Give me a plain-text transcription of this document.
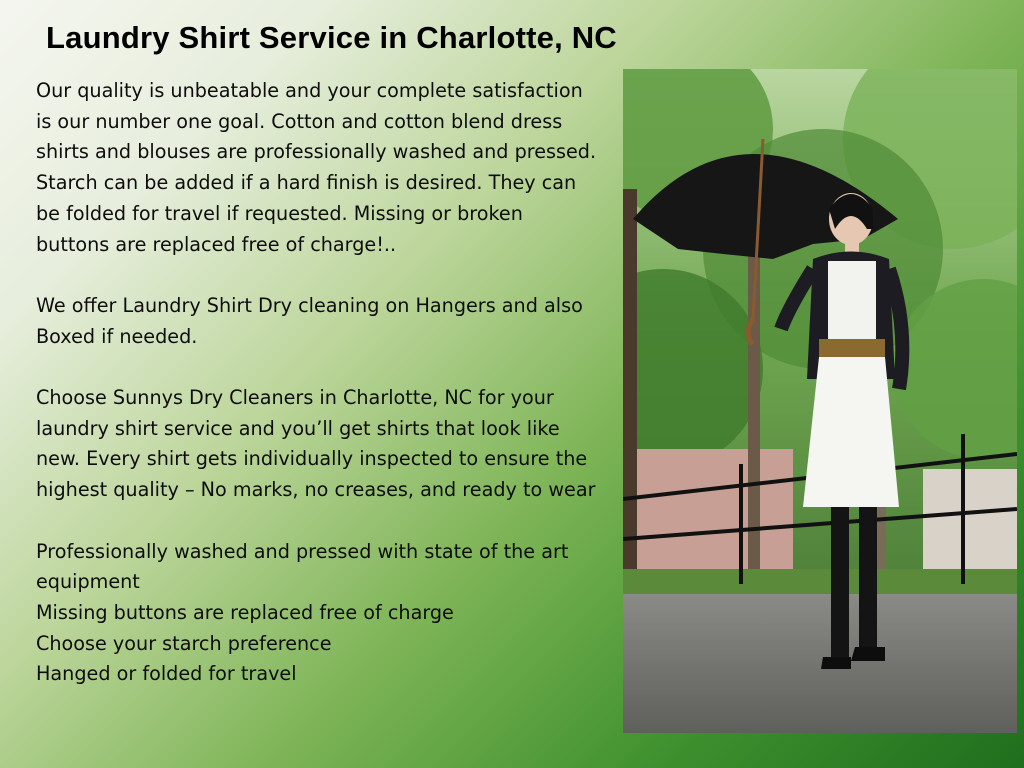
Laundry Shirt Service in Charlotte, NC

Our quality is unbeatable and your complete satisfaction is our number one goal. Cotton and cotton blend dress shirts and blouses are professionally washed and pressed. Starch can be added if a hard finish is desired. They can be folded for travel if requested. Missing or broken buttons are replaced free of charge!..

We offer Laundry Shirt Dry cleaning on Hangers and also Boxed if needed.

Choose Sunnys Dry Cleaners in Charlotte, NC for your laundry shirt service and you’ll get shirts that look like new. Every shirt gets individually inspected to ensure the highest quality – No marks, no creases, and ready to wear

Professionally washed and pressed with state of the art equipment

Missing buttons are replaced free of charge

Choose your starch preference

Hanged or folded for travel
